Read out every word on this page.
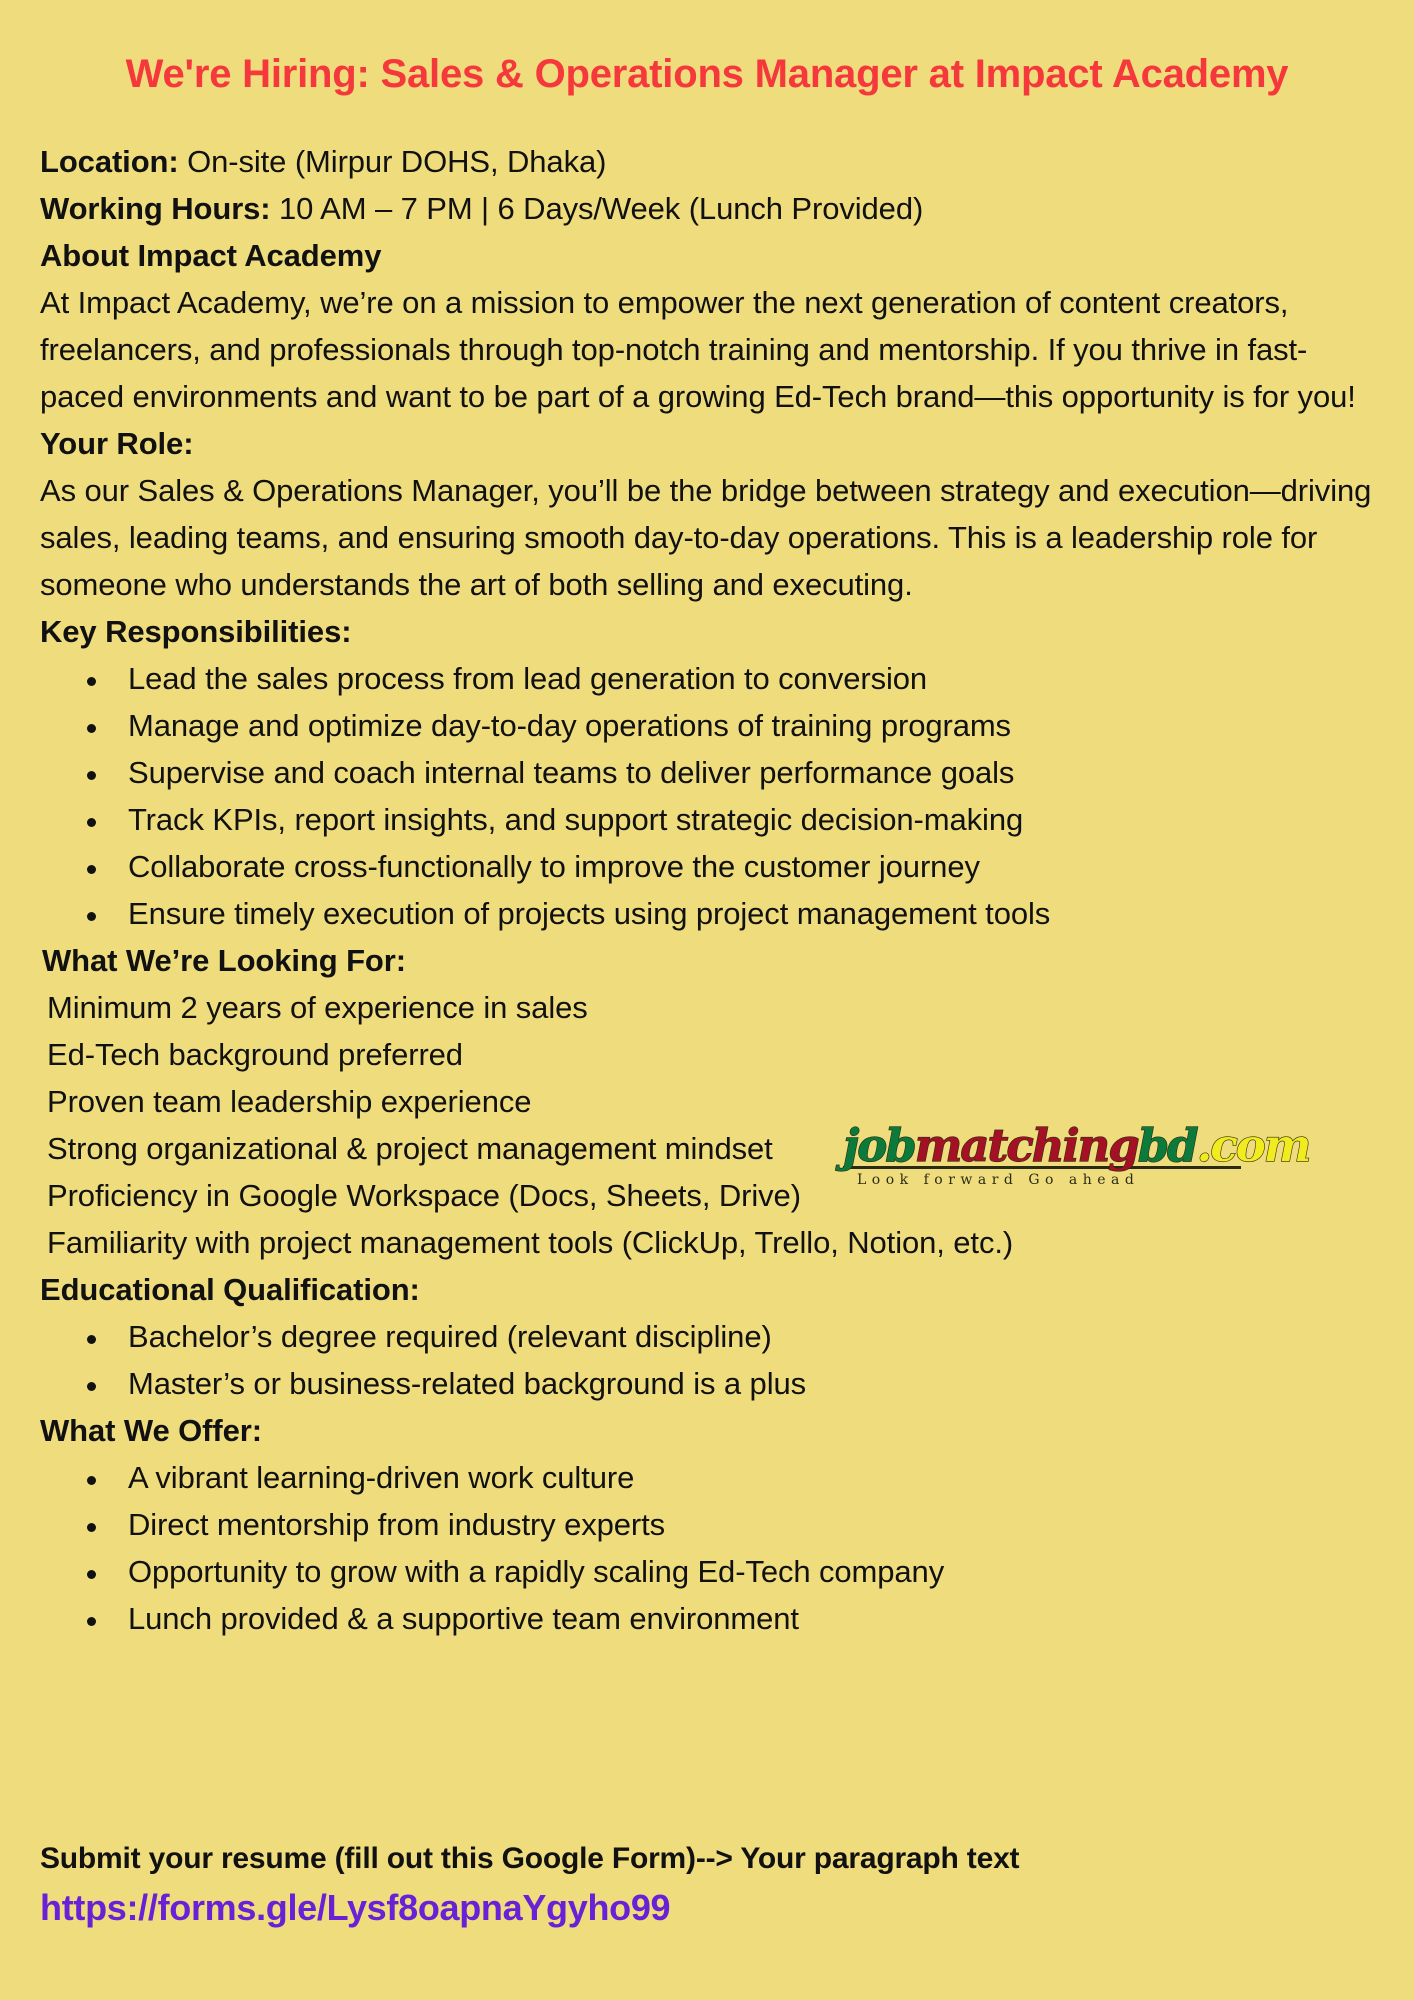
We're Hiring: Sales & Operations Manager at Impact Academy
Location: On-site (Mirpur DOHS, Dhaka)
Working Hours: 10 AM – 7 PM | 6 Days/Week (Lunch Provided)
About Impact Academy

At Impact Academy, we’re on a mission to empower the next generation of content creators, freelancers, and professionals through top-notch training and mentorship. If you thrive in fast-paced environments and want to be part of a growing Ed-Tech brand—this opportunity is for you!

Your Role:

As our Sales & Operations Manager, you’ll be the bridge between strategy and execution—driving sales, leading teams, and ensuring smooth day-to-day operations. This is a leadership role for someone who understands the art of both selling and executing.

Key Responsibilities:
Lead the sales process from lead generation to conversion
Manage and optimize day-to-day operations of training programs
Supervise and coach internal teams to deliver performance goals
Track KPIs, report insights, and support strategic decision-making
Collaborate cross-functionally to improve the customer journey
Ensure timely execution of projects using project management tools
What We’re Looking For:
Minimum 2 years of experience in sales
Ed-Tech background preferred
Proven team leadership experience
Strong organizational & project management mindset
Proficiency in Google Workspace (Docs, Sheets, Drive)
Familiarity with project management tools (ClickUp, Trello, Notion, etc.)
Educational Qualification:
Bachelor’s degree required (relevant discipline)
Master’s or business-related background is a plus
What We Offer:
A vibrant learning-driven work culture
Direct mentorship from industry experts
Opportunity to grow with a rapidly scaling Ed-Tech company
Lunch provided & a supportive team environment
jobmatchingbd.com
Look forward Go ahead
Submit your resume (fill out this Google Form)--> Your paragraph text
https://forms.gle/Lysf8oapnaYgyho99
